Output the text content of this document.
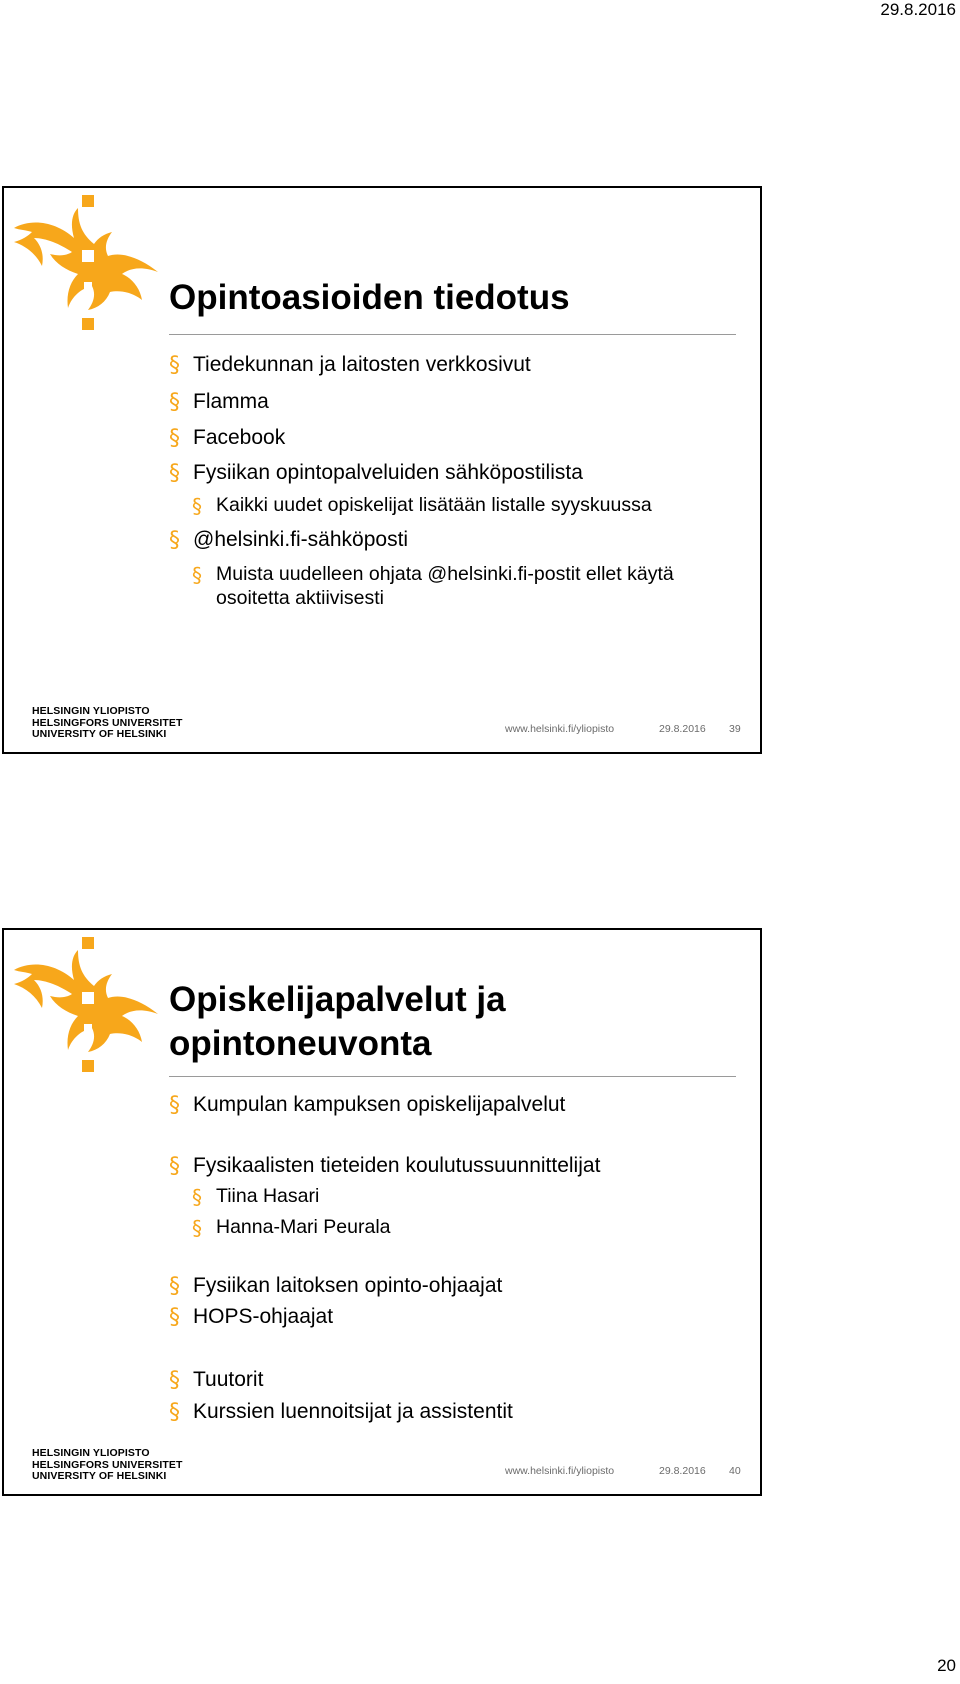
29.8.2016
Opintoasioiden tiedotus
§ Tiedekunnan ja laitosten verkkosivut
§ Flamma
§ Facebook
§ Fysiikan opintopalveluiden sähköpostilista
§ Kaikki uudet opiskelijat lisätään listalle syyskuussa
§ @helsinki.fi-sähköposti
§ Muista uudelleen ohjata @helsinki.fi-postit ellet käytä osoitetta aktiivisesti
HELSINGIN YLIOPISTO
HELSINGFORS UNIVERSITET
UNIVERSITY OF HELSINKI	www.helsinki.fi/yliopisto	29.8.2016 39
Opiskelijapalvelut ja opintoneuvonta
§ Kumpulan kampuksen opiskelijapalvelut
§ Fysikaalisten tieteiden koulutussuunnittelijat
§ Tiina Hasari
§ Hanna-Mari Peurala
§ Fysiikan laitoksen opinto-ohjaajat
§ HOPS-ohjaajat
§ Tuutorit
§ Kurssien luennoitsijat ja assistentit
HELSINGIN YLIOPISTO
HELSINGFORS UNIVERSITET
UNIVERSITY OF HELSINKI	www.helsinki.fi/yliopisto	29.8.2016 40
20
